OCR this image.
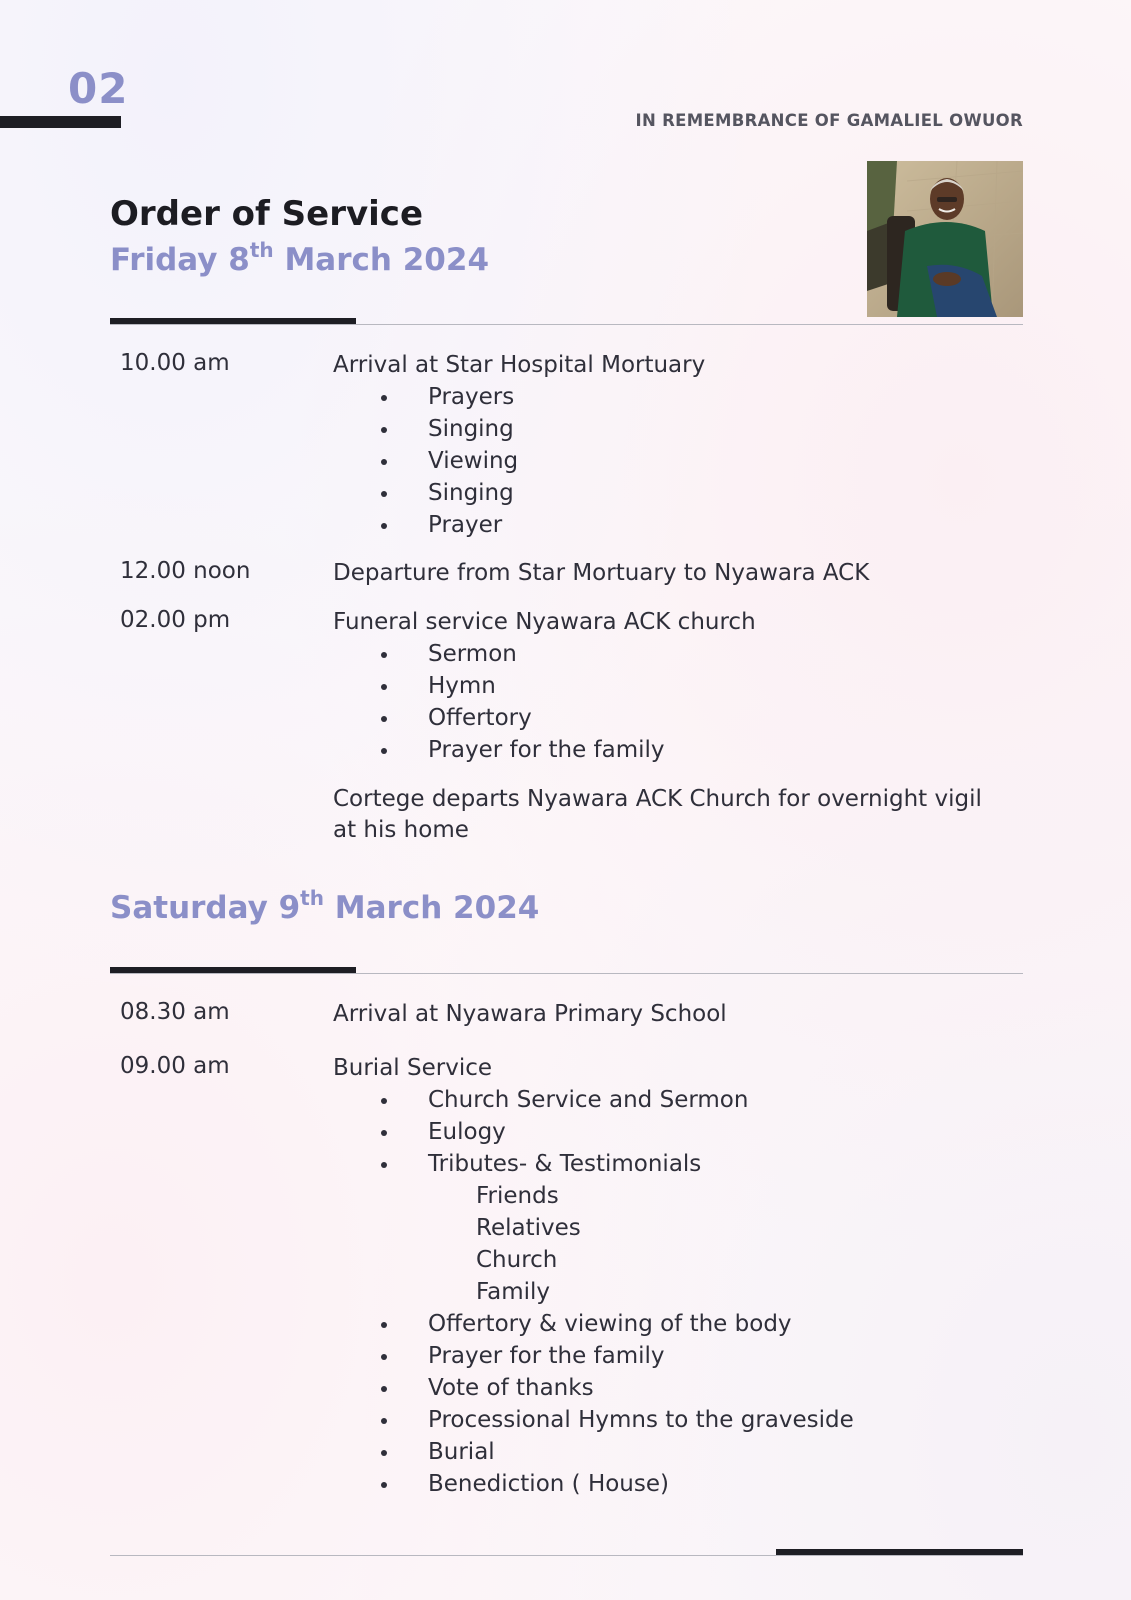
02
IN REMEMBRANCE OF GAMALIEL OWUOR
Order of Service
Friday 8th March 2024
10.00 am	Arrival at Star Hospital Mortuary
Prayers
Singing
Viewing
Singing
Prayer
12.00 noon	Departure from Star Mortuary to Nyawara ACK
02.00 pm	Funeral service Nyawara ACK church
Sermon
Hymn
Offertory
Prayer for the family
Cortege departs Nyawara ACK Church for overnight vigil at his home
Saturday 9th March 2024
08.30 am	Arrival at Nyawara Primary School
09.00 am	Burial Service
Church Service and Sermon
Eulogy
Tributes- & Testimonials
Friends
Relatives
Church
Family
Offertory & viewing of the body
Prayer for the family
Vote of thanks
Processional Hymns to the graveside
Burial
Benediction ( House)
